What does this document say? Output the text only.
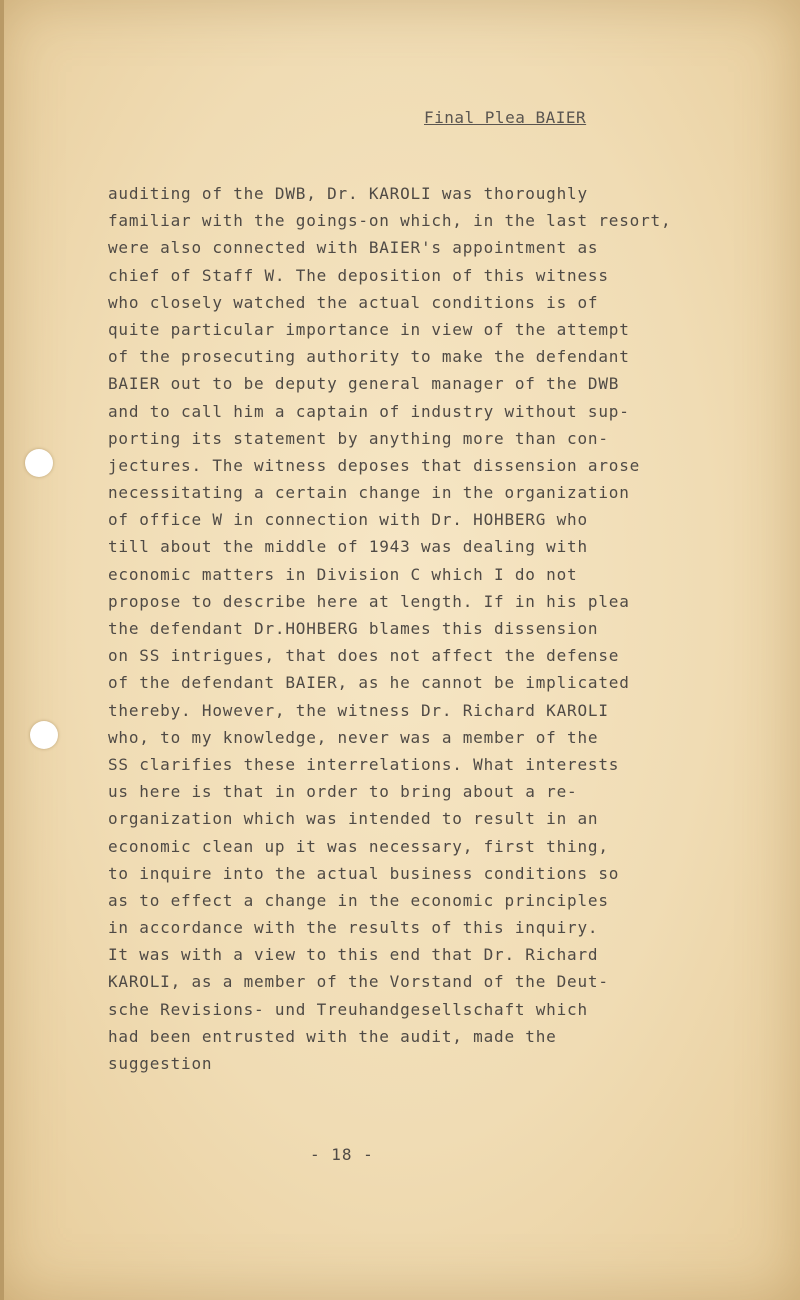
Final Plea BAIER
auditing of the DWB, Dr. KAROLI was thoroughly
familiar with the goings-on which, in the last resort,
were also connected with BAIER's appointment as
chief of Staff W. The deposition of this witness
who closely watched the actual conditions is of
quite particular importance in view of the attempt
of the prosecuting authority to make the defendant
BAIER out to be deputy general manager of the DWB
and to call him a captain of industry without sup-
porting its statement by anything more than con-
jectures. The witness deposes that dissension arose
necessitating a certain change in the organization
of office W in connection with Dr. HOHBERG who
till about the middle of 1943 was dealing with
economic matters in Division C which I do not
propose to describe here at length. If in his plea
the defendant Dr.HOHBERG blames this dissension
on SS intrigues, that does not affect the defense
of the defendant BAIER, as he cannot be implicated
thereby. However, the witness Dr. Richard KAROLI
who, to my knowledge, never was a member of the
SS clarifies these interrelations. What interests
us here is that in order to bring about a re-
organization which was intended to result in an
economic clean up it was necessary, first thing,
to inquire into the actual business conditions so
as to effect a change in the economic principles
in accordance with the results of this inquiry.
It was with a view to this end that Dr. Richard
KAROLI, as a member of the Vorstand of the Deut-
sche Revisions- und Treuhandgesellschaft which
had been entrusted with the audit, made the
suggestion
- 18 -
